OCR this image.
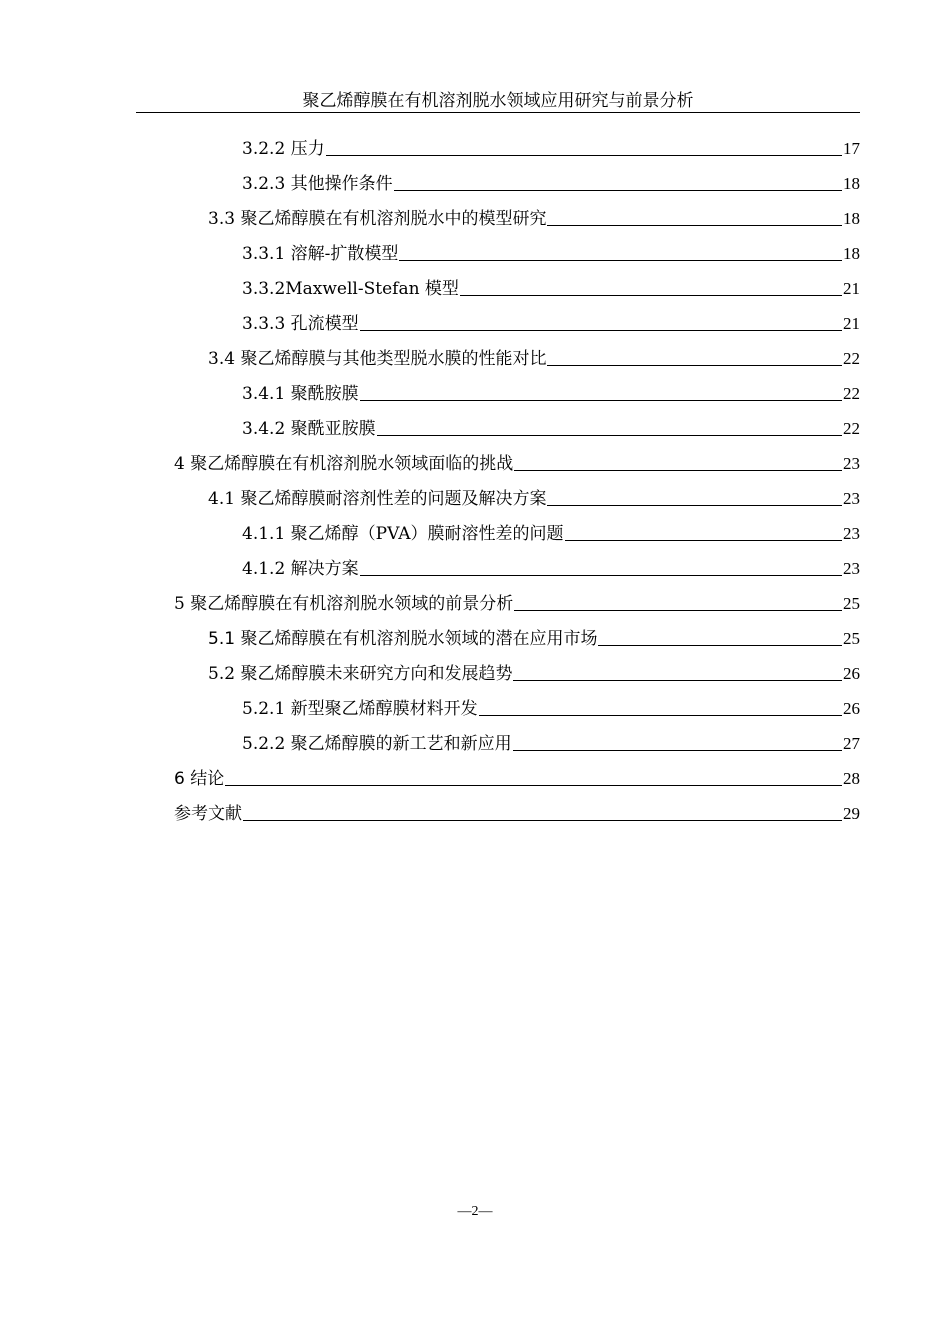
聚乙烯醇膜在有机溶剂脱水领域应用研究与前景分析
3.2.2 压力	17
3.2.3 其他操作条件	18
3.3 聚乙烯醇膜在有机溶剂脱水中的模型研究	18
3.3.1 溶解-扩散模型	18
3.3.2Maxwell-Stefan 模型	21
3.3.3 孔流模型	21
3.4 聚乙烯醇膜与其他类型脱水膜的性能对比	22
3.4.1 聚酰胺膜	22
3.4.2 聚酰亚胺膜	22
4 聚乙烯醇膜在有机溶剂脱水领域面临的挑战	23
4.1 聚乙烯醇膜耐溶剂性差的问题及解决方案	23
4.1.1 聚乙烯醇（PVA）膜耐溶性差的问题	23
4.1.2 解决方案	23
5 聚乙烯醇膜在有机溶剂脱水领域的前景分析	25
5.1 聚乙烯醇膜在有机溶剂脱水领域的潜在应用市场	25
5.2 聚乙烯醇膜未来研究方向和发展趋势	26
5.2.1 新型聚乙烯醇膜材料开发	26
5.2.2 聚乙烯醇膜的新工艺和新应用	27
6 结论	28
参考文献	29
—2—
